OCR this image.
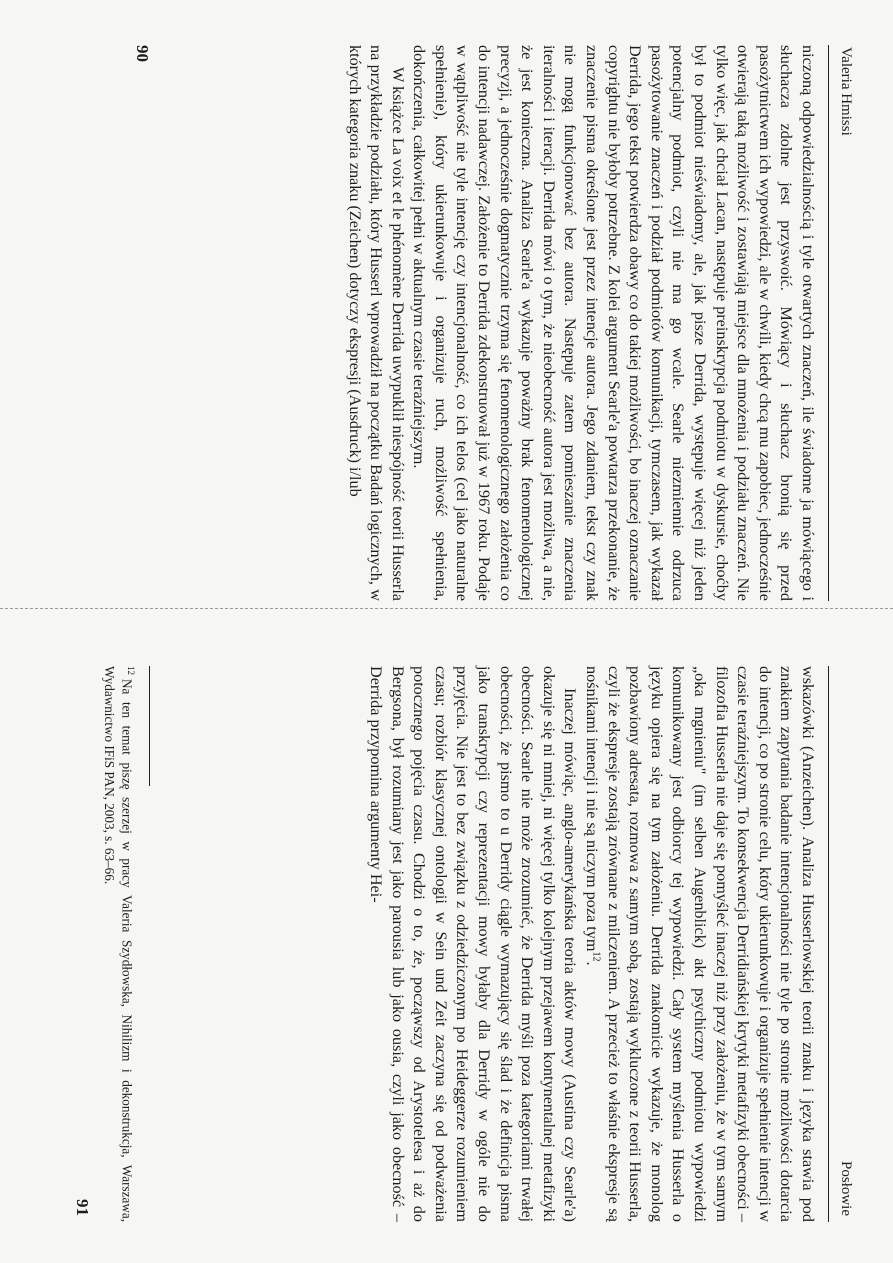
Valeria Hmissi

niczoną odpowiedzialnością i tyle otwartych znaczeń, ile świadome ja mówiącego i słuchacza zdolne jest przyswoić. Mówiący i słuchacz bronią się przed pasożytnictwem ich wypowiedzi, ale w chwili, kiedy chcą mu zapobiec, jednocześnie otwierają taką możliwość i zostawiają miejsce dla mnożenia i podziału znaczeń. Nie tylko więc, jak chciał Lacan, następuje preinskrypcja podmiotu w dyskursie, choćby był to podmiot nieświadomy, ale, jak pisze Derrida, występuje więcej niż jeden potencjalny podmiot, czyli nie ma go wcale. Searle niezmiennie odrzuca pasożytowanie znaczeń i podział podmiotów komunikacji, tymczasem, jak wykazał Derrida, jego tekst potwierdza obawy co do takiej możliwości, bo inaczej oznaczanie copyrightu nie byłoby potrzebne. Z kolei argument Searle'a powtarza przekonanie, że znaczenie pisma określone jest przez intencje autora. Jego zdaniem, tekst czy znak nie mogą funkcjonować bez autora. Następuje zatem pomieszanie znaczenia iteralności i iteracji. Derrida mówi o tym, że nieobecność autora jest możliwa, a nie, że jest konieczna. Analiza Searle'a wykazuje poważny brak fenomenologicznej precyzji, a jednocześnie dogmatycznie trzyma się fenomenologicznego założenia co do intencji nadawczej. Założenie to Derrida zdekonstruował już w 1967 roku. Podaje w wątpliwość nie tyle intencję czy intencjonalność, co ich telos (cel jako naturalne spełnienie), który ukierunkowuje i organizuje ruch, możliwość spełnienia, dokończenia, całkowitej pełni w aktualnym czasie teraźniejszym.

W książce La voix et le phénomène Derrida uwypuklił niespójność teorii Husserla na przykładzie podziału, który Husserl wprowadził na początku Badań logicznych, w których kategoria znaku (Zeichen) dotyczy ekspresji (Ausdruck) i/lub

90
Posłowie

wskazówki (Anzeichen). Analiza Husserlowskiej teorii znaku i języka stawia pod znakiem zapytania badanie intencjonalności nie tyle po stronie możliwości dotarcia do intencji, co po stronie celu, który ukierunkowuje i organizuje spełnienie intencji w czasie teraźniejszym. To konsekwencja Derridiańskiej krytyki metafizyki obecności – filozofia Husserla nie daje się pomyśleć inaczej niż przy założeniu, że w tym samym „oka mgnieniu" (im selben Augenblick) akt psychiczny podmiotu wypowiedzi komunikowany jest odbiorcy tej wypowiedzi. Cały system myślenia Husserla o języku opiera się na tym założeniu. Derrida znakomicie wykazuje, że monolog pozbawiony adresata, rozmowa z samym sobą, zostają wykluczone z teorii Husserla, czyli że ekspresje zostają zrównane z milczeniem. A przecież to właśnie ekspresje są nośnikami intencji i nie są niczym poza tym$^{12}$.

Inaczej mówiąc, anglo-amerykańska teoria aktów mowy (Austina czy Searle'a) okazuje się ni mniej, ni więcej tylko kolejnym przejawem kontynentalnej metafizyki obecności. Searle nie może zrozumieć, że Derrida myśli poza kategoriami trwałej obecności, że pismo to u Derridy ciągle wymazujący się ślad i że definicja pisma jako transkrypcji czy reprezentacji mowy byłaby dla Derridy w ogóle nie do przyjęcia. Nie jest to bez związku z odziedziczonym po Heideggerze rozumieniem czasu; rozbiór klasycznej ontologii w Sein und Zeit zaczyna się od podważenia potocznego pojęcia czasu. Chodzi o to, że, począwszy od Arystotelesa i aż do Bergsona, był rozumiany jest jako parousia lub jako ousia, czyli jako obecność – Derrida przypomina argumenty Hei-

$^{12}$Na ten temat piszę szerzej w pracy Valeria Szydłowska, Nihilizm i dekonstrukcja, Warszawa, Wydawnictwo IFiS PAN, 2003, s. 63–66.
91
